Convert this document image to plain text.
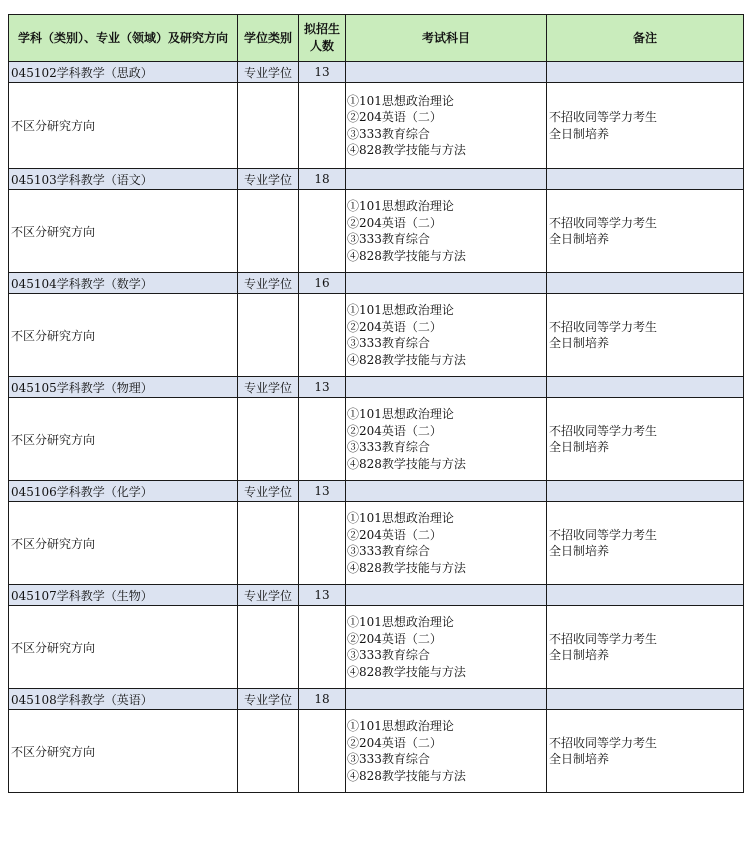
学科（类别）、专业（领域）及研究方向	学位类别	拟招生人数	考试科目	备注
045102学科教学（思政）	专业学位	13		
不区分研究方向			①101思想政治理论
②204英语（二）
③333教育综合
④828教学技能与方法	不招收同等学力考生
全日制培养

045103学科教学（语文）	专业学位	18		
不区分研究方向			①101思想政治理论
②204英语（二）
③333教育综合
④828教学技能与方法	不招收同等学力考生
全日制培养

045104学科教学（数学）	专业学位	16		
不区分研究方向			①101思想政治理论
②204英语（二）
③333教育综合
④828教学技能与方法	不招收同等学力考生
全日制培养

045105学科教学（物理）	专业学位	13		
不区分研究方向			①101思想政治理论
②204英语（二）
③333教育综合
④828教学技能与方法	不招收同等学力考生
全日制培养

045106学科教学（化学）	专业学位	13		
不区分研究方向			①101思想政治理论
②204英语（二）
③333教育综合
④828教学技能与方法	不招收同等学力考生
全日制培养

045107学科教学（生物）	专业学位	13		
不区分研究方向			①101思想政治理论
②204英语（二）
③333教育综合
④828教学技能与方法	不招收同等学力考生
全日制培养

045108学科教学（英语）	专业学位	18		
不区分研究方向			①101思想政治理论
②204英语（二）
③333教育综合
④828教学技能与方法	不招收同等学力考生
全日制培养
